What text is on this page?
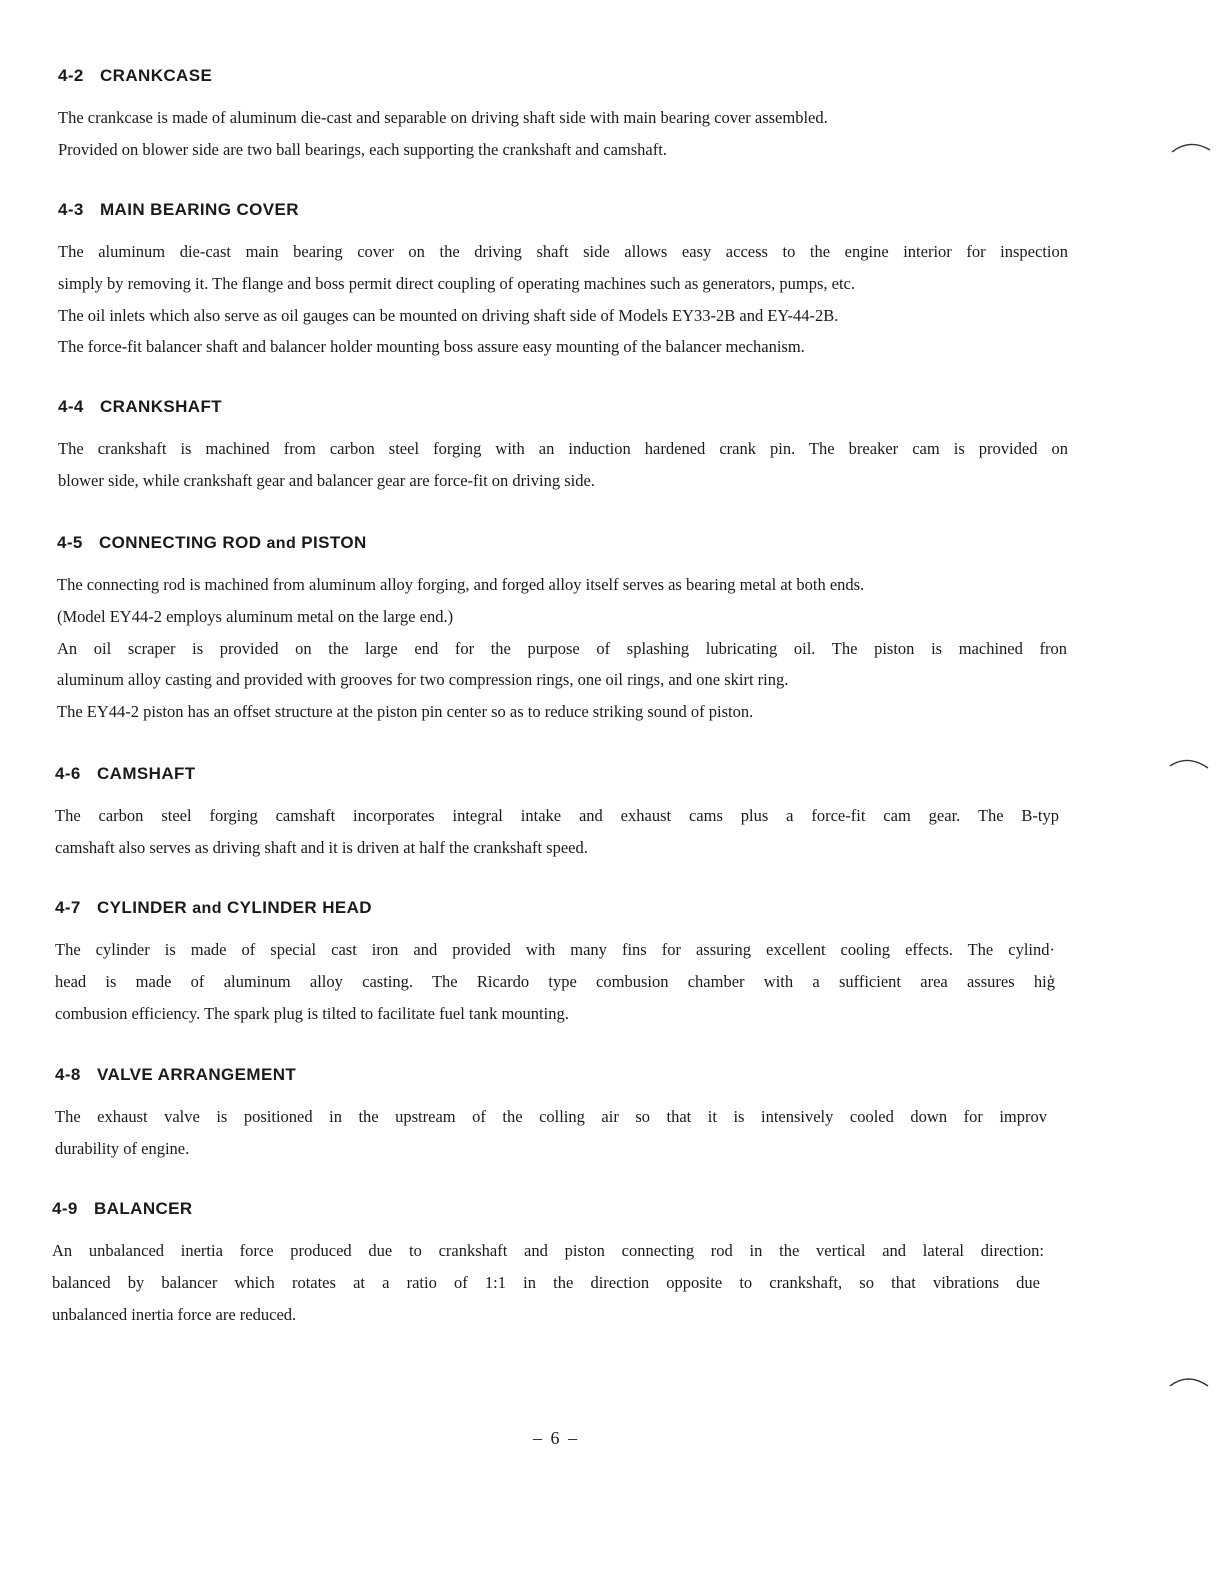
4-2 CRANKCASE

The crankcase is made of aluminum die-cast and separable on driving shaft side with main bearing cover assembled.

Provided on blower side are two ball bearings, each supporting the crankshaft and camshaft.

4-3 MAIN BEARING COVER

The aluminum die-cast main bearing cover on the driving shaft side allows easy access to the engine interior for inspection

simply by removing it. The flange and boss permit direct coupling of operating machines such as generators, pumps, etc.

The oil inlets which also serve as oil gauges can be mounted on driving shaft side of Models EY33-2B and EY-44-2B.

The force-fit balancer shaft and balancer holder mounting boss assure easy mounting of the balancer mechanism.

4-4 CRANKSHAFT

The crankshaft is machined from carbon steel forging with an induction hardened crank pin. The breaker cam is provided on

blower side, while crankshaft gear and balancer gear are force-fit on driving side.

4-5 CONNECTING ROD and PISTON

The connecting rod is machined from aluminum alloy forging, and forged alloy itself serves as bearing metal at both ends.

(Model EY44-2 employs aluminum metal on the large end.)

An oil scraper is provided on the large end for the purpose of splashing lubricating oil. The piston is machined fron

aluminum alloy casting and provided with grooves for two compression rings, one oil rings, and one skirt ring.

The EY44-2 piston has an offset structure at the piston pin center so as to reduce striking sound of piston.

4-6 CAMSHAFT

The carbon steel forging camshaft incorporates integral intake and exhaust cams plus a force-fit cam gear. The B-typ

camshaft also serves as driving shaft and it is driven at half the crankshaft speed.

4-7 CYLINDER and CYLINDER HEAD

The cylinder is made of special cast iron and provided with many fins for assuring excellent cooling effects. The cylind·

head is made of aluminum alloy casting. The Ricardo type combusion chamber with a sufficient area assures hiģ

combusion efficiency. The spark plug is tilted to facilitate fuel tank mounting.

4-8 VALVE ARRANGEMENT

The exhaust valve is positioned in the upstream of the colling air so that it is intensively cooled down for improv

durability of engine.

4-9 BALANCER

An unbalanced inertia force produced due to crankshaft and piston connecting rod in the vertical and lateral direction:

balanced by balancer which rotates at a ratio of 1:1 in the direction opposite to crankshaft, so that vibrations due

unbalanced inertia force are reduced.

– 6 –
